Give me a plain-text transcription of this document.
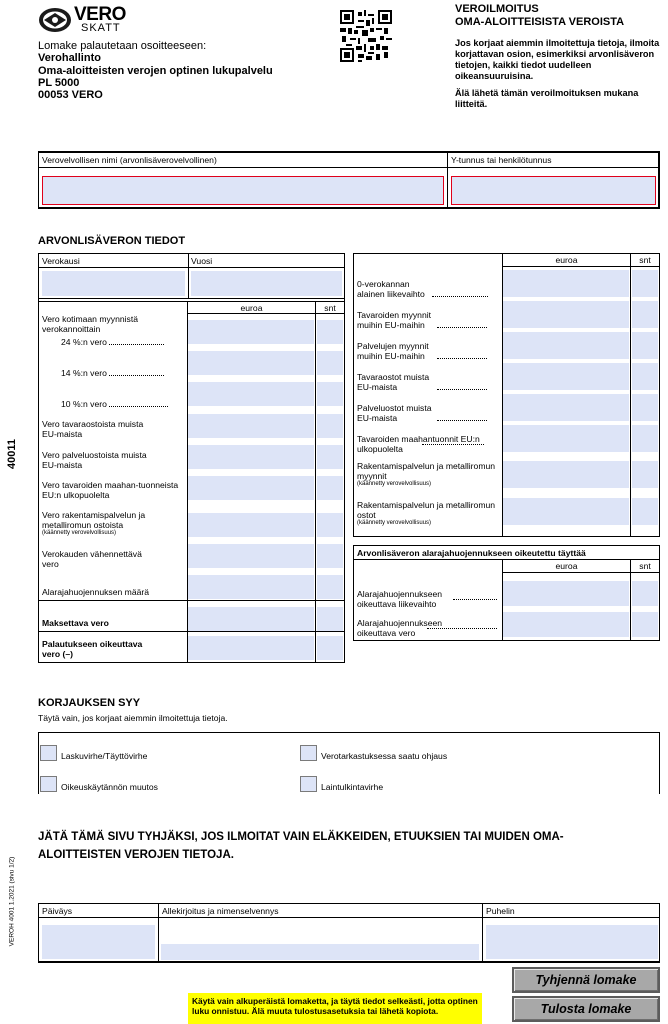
VERO
SKATT
Lomake palautetaan osoitteeseen:
Verohallinto
Oma-aloitteisten verojen optinen lukupalvelu
PL 5000
00053 VERO
VEROILMOITUS
OMA-ALOITTEISISTA VEROISTA
Jos korjaat aiemmin ilmoitettuja tietoja, ilmoita korjattavan osion, esimerkiksi arvonlisäveron tietojen, kaikki tiedot uudelleen oikeansuuruisina.
Älä lähetä tämän veroilmoituksen mukana liitteitä.
Verovelvollisen nimi (arvonlisäverovelvollinen)	Y-tunnus tai henkilötunnus
ARVONLISÄVERON TIEDOT
Verokausi	Vuosi
euroa	snt
Vero kotimaan myynnistä verokannoittain
24 %:n vero
14 %:n vero
10 %:n vero
Vero tavaraostoista muista EU-maista
Vero palveluostoista muista EU-maista
Vero tavaroiden maahan-tuonneista EU:n ulkopuolelta
Vero rakentamispalvelun ja metalliromun ostoista
(käännetty verovelvollisuus)
Verokauden vähennettävä vero
Alarajahuojennuksen määrä
Maksettava vero
Palautukseen oikeuttava vero (–)
euroa	snt
0-verokannan alainen liikevaihto
Tavaroiden myynnit muihin EU-maihin
Palvelujen myynnit muihin EU-maihin
Tavaraostot muista EU-maista
Palveluostot muista EU-maista
Tavaroiden maahantuonnit EU:n ulkopuolelta
Rakentamispalvelun ja metalliromun myynnit
(käännetty verovelvollisuus)
Rakentamispalvelun ja metalliromun ostot
(käännetty verovelvollisuus)
Arvonlisäveron alarajahuojennukseen oikeutettu täyttää
euroa	snt
Alarajahuojennukseen oikeuttava liikevaihto
Alarajahuojennukseen oikeuttava vero
40011
VEROH 4001 1.2021 (sivu 1/2)
KORJAUKSEN SYY
Täytä vain, jos korjaat aiemmin ilmoitettuja tietoja.
Laskuvirhe/Täyttövirhe	Verotarkastuksessa saatu ohjaus
Oikeuskäytännön muutos	Laintulkintavirhe
JÄTÄ TÄMÄ SIVU TYHJÄKSI, JOS ILMOITAT VAIN ELÄKKEIDEN, ETUUKSIEN TAI MUIDEN OMA-ALOITTEISTEN VEROJEN TIETOJA.
Päiväys	Allekirjoitus ja nimenselvennys	Puhelin
Käytä vain alkuperäistä lomaketta, ja täytä tiedot selkeästi, jotta optinen luku onnistuu. Älä muuta tulostusasetuksia tai lähetä kopiota.
Tyhjennä lomake
Tulosta lomake
